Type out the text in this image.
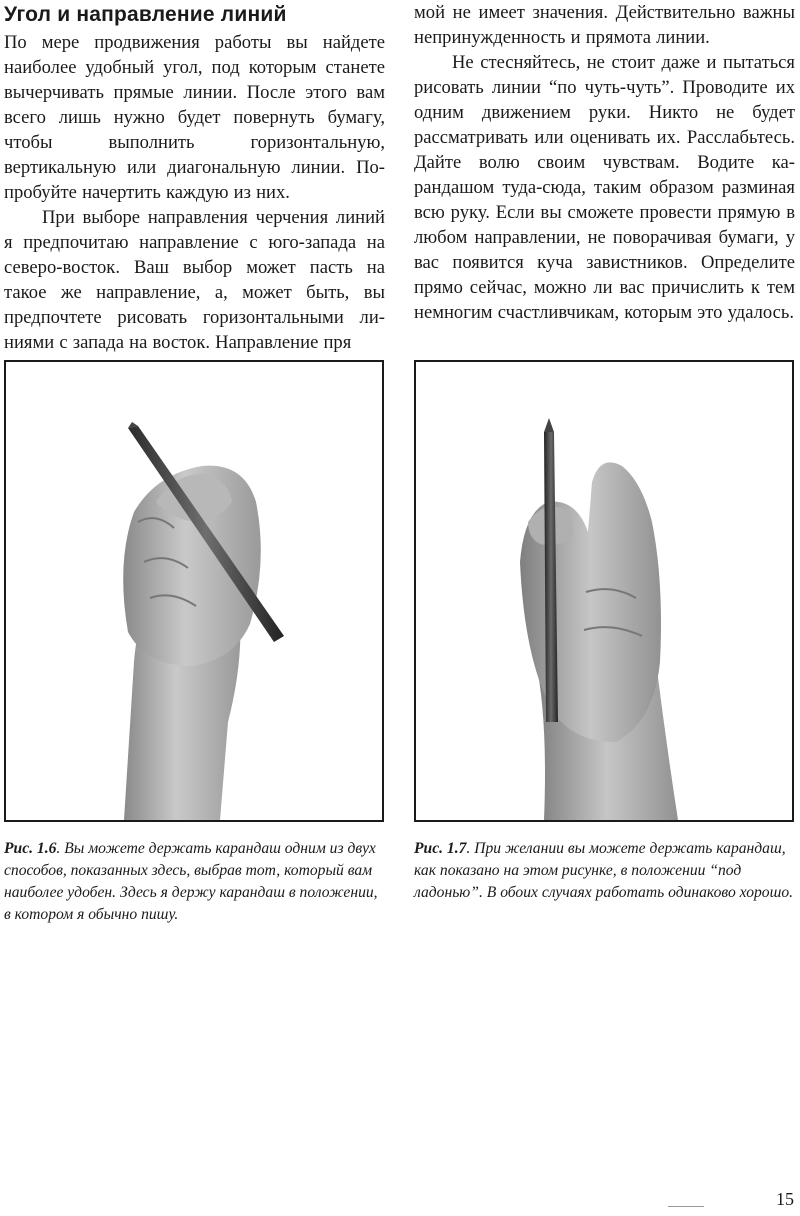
Угол и направление линий

По мере продвижения работы вы найдете наиболее удобный угол, под которым станете вычерчивать прямые линии. После этого вам всего лишь нужно будет повернуть бумагу, чтобы выполнить горизонтальную, вертикальную или диагональную линии. Попробуйте начертить каждую из них.

При выборе направления черчения линий я предпочитаю направление с юго-запада на северо-восток. Ваш выбор может пасть на такое же направление, а, может быть, вы предпочтете рисовать горизонтальными линиями с запада на восток. Направление пря

мой не имеет значения. Действительно важны непринужденность и прямота линии.

Не стесняйтесь, не стоит даже и пытаться рисовать линии “по чуть-чуть”. Проводите их одним движением руки. Никто не будет рассматривать или оценивать их. Расслабьтесь. Дайте волю своим чувствам. Водите карандашом туда-сюда, таким образом разминая всю руку. Если вы сможете провести прямую в любом направлении, не поворачивая бумаги, у вас появится куча завистников. Определите прямо сейчас, можно ли вас причислить к тем немногим счастливчикам, которым это удалось.

Рис. 1.6. Вы можете держать карандаш одним из двух способов, показанных здесь, выбрав тот, который вам наиболее удобен. Здесь я держу карандаш в положении, в котором я обычно пишу.

Рис. 1.7. При желании вы можете держать карандаш, как показано на этом рисунке, в положении “под ладонью”. В обоих случаях работать одинаково хорошо.

15
